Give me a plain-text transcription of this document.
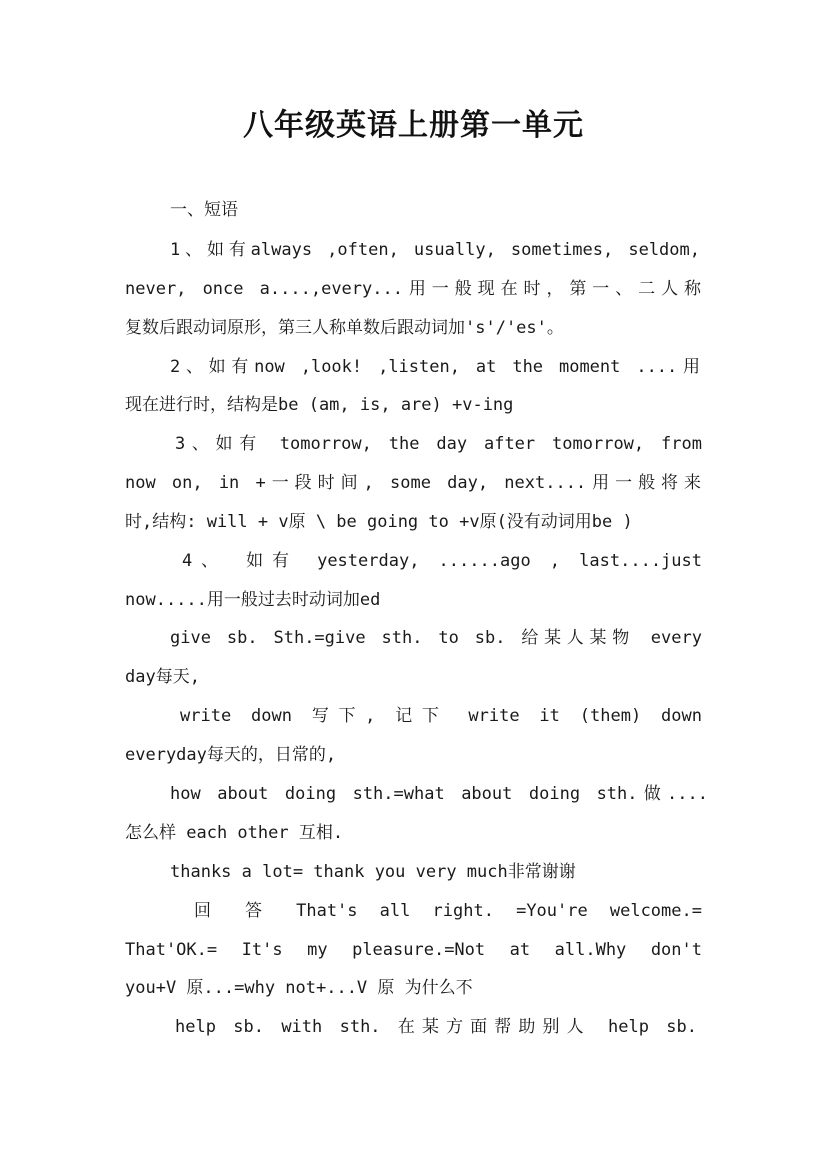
八年级英语上册第一单元
一、短语
1、如有always ,often, usually, sometimes, seldom,
never, once a....,every...用一般现在时，第一、二人称
复数后跟动词原形，第三人称单数后跟动词加's'/'es'。
2、如有now ,look! ,listen, at the moment ....用
现在进行时，结构是be (am, is, are) +v-ing
3、如有 tomorrow, the day after tomorrow, from
now on, in +一段时间, some day, next....用一般将来
时,结构: will + v原 \ be going to +v原(没有动词用be )
4、 如有 yesterday, ......ago , last....just
now.....用一般过去时动词加ed
give sb. Sth.=give sth. to sb. 给某人某物 every
day每天,
write down 写下, 记下 write it (them) down
everyday每天的，日常的,
how about doing sth.=what about doing sth.做....
怎么样 each other 互相.
thanks a lot= thank you very much非常谢谢
回 答 That's all right. =You're welcome.=
That'OK.= It's my pleasure.=Not at all.Why don't
you+V 原...=why not+...V 原 为什么不
help sb. with sth. 在某方面帮助别人 help sb.
